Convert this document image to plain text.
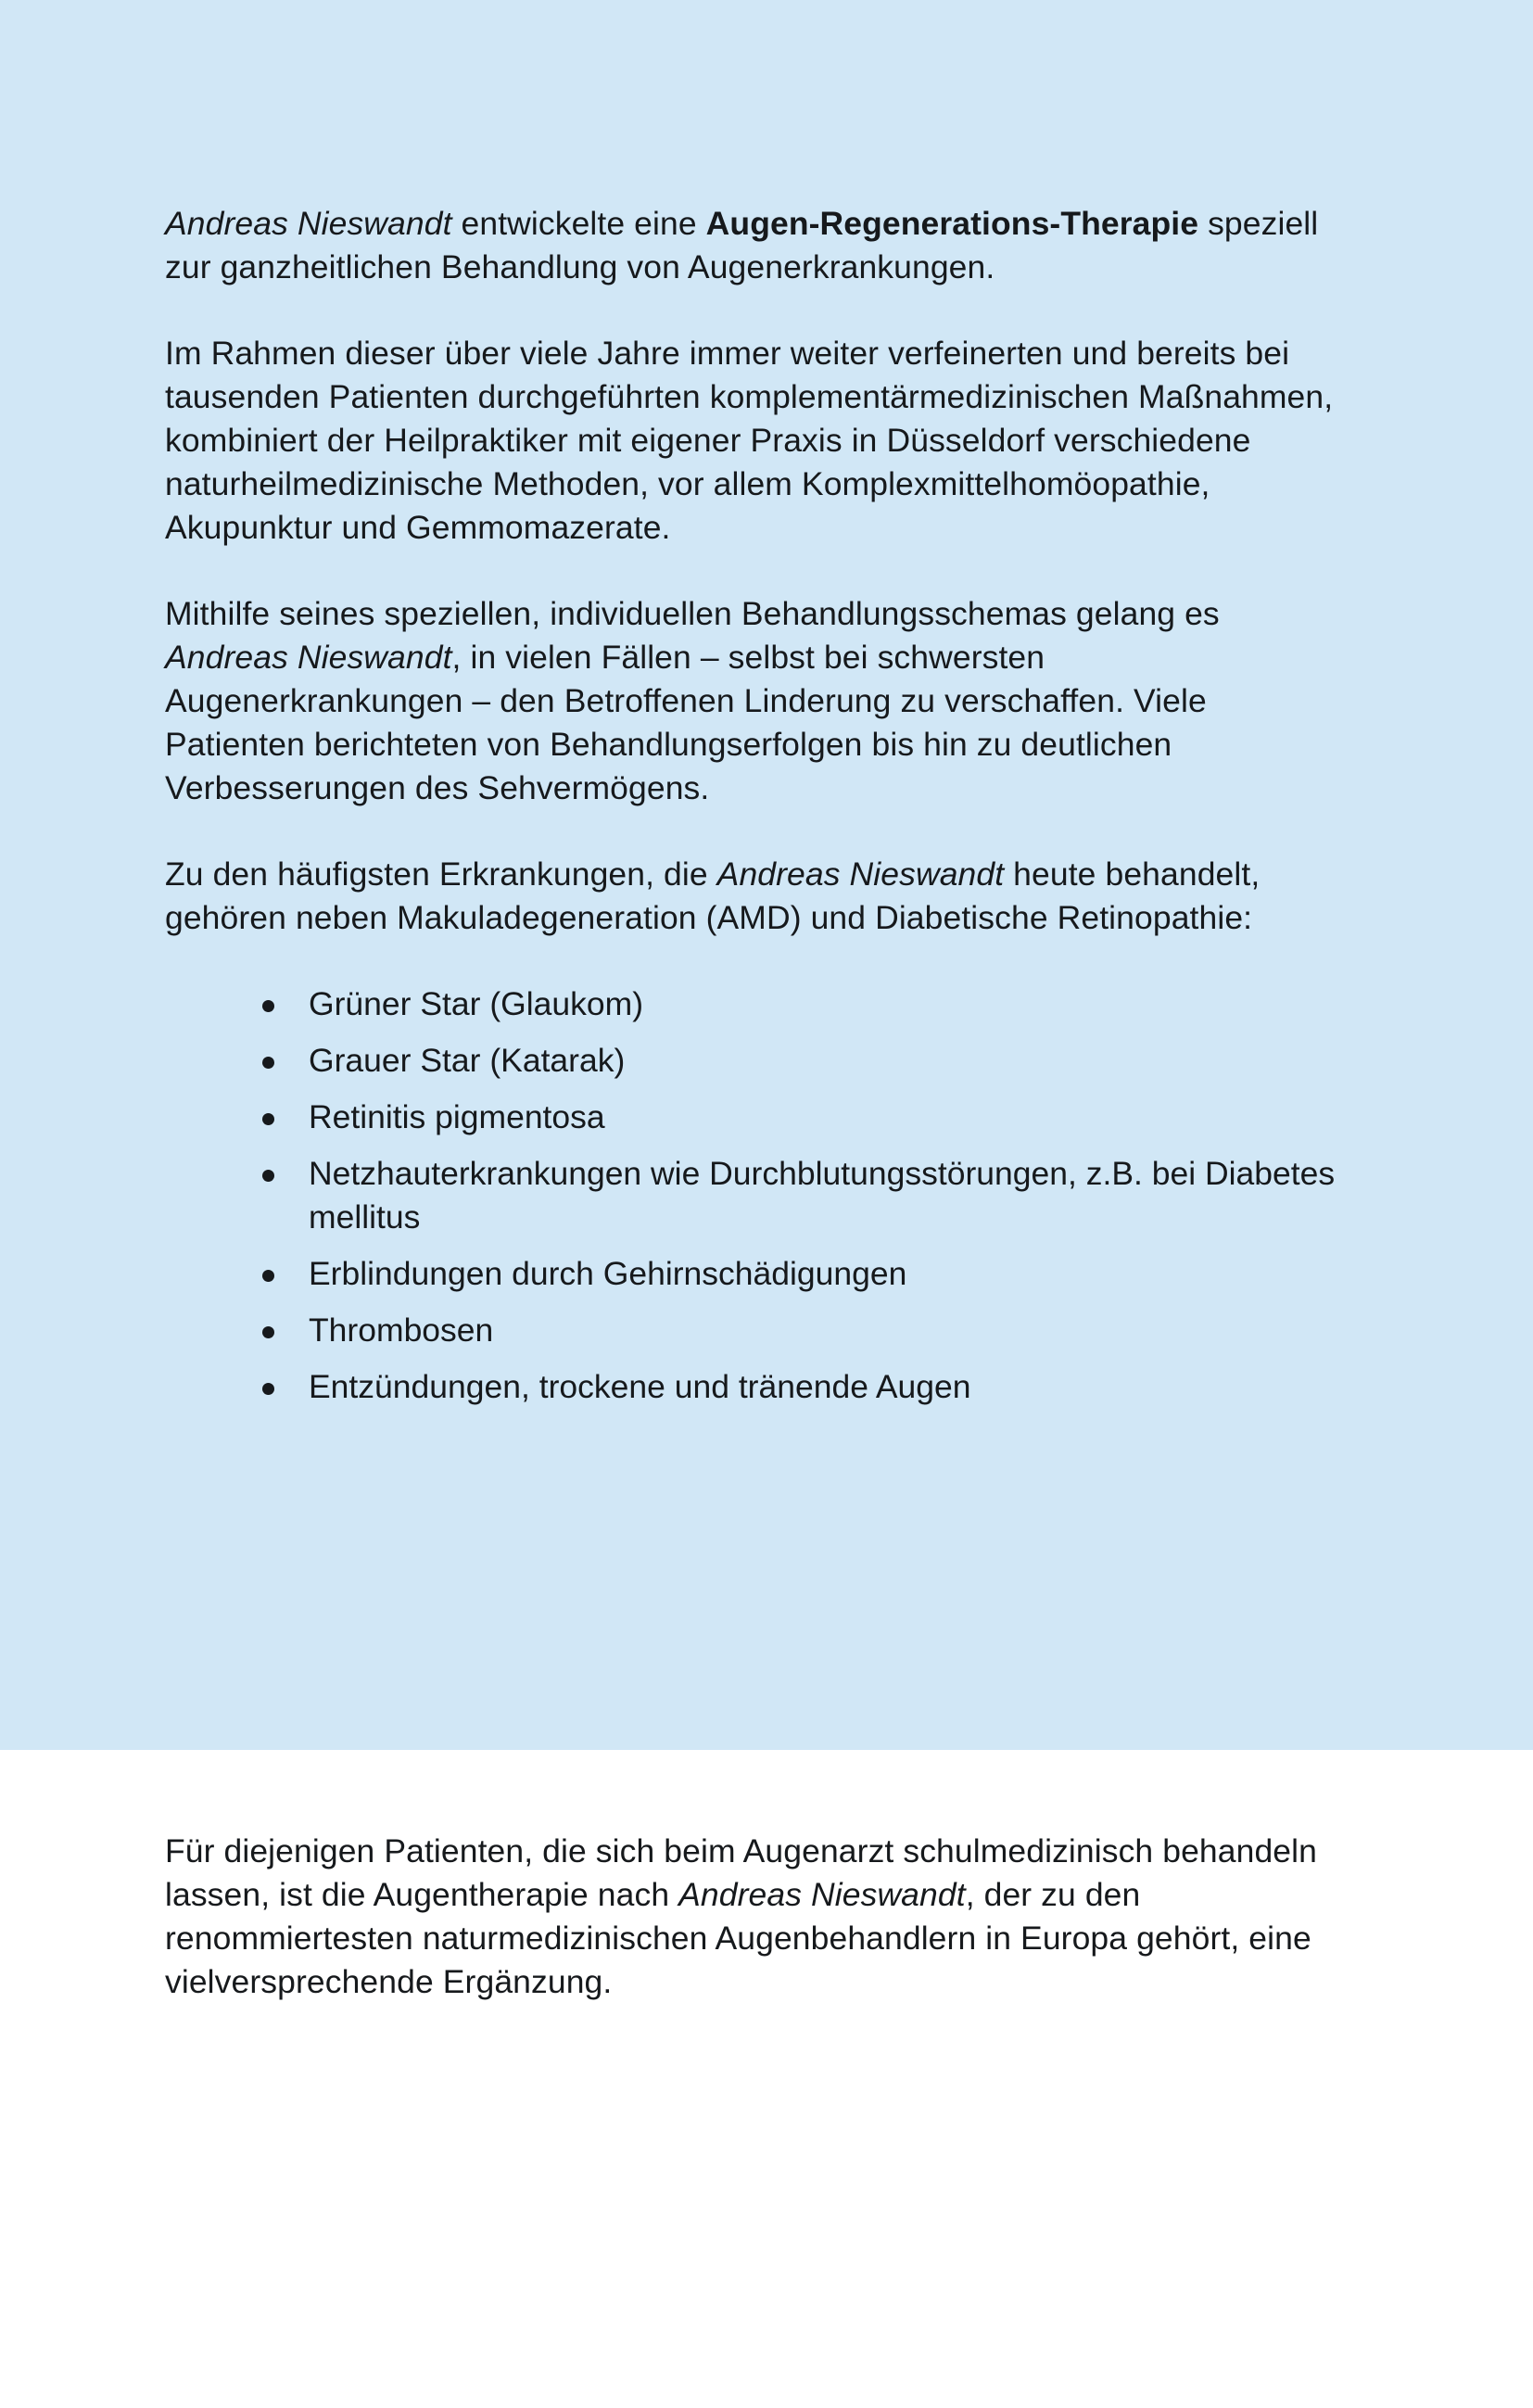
Andreas Nieswandt entwickelte eine Augen-Regenerations-Therapie speziell zur ganzheitlichen Behandlung von Augenerkrankungen.

Im Rahmen dieser über viele Jahre immer weiter verfeinerten und bereits bei tausenden Patienten durchgeführten komplementärmedizinischen Maßnahmen, kombiniert der Heilpraktiker mit eigener Praxis in Düsseldorf verschiedene naturheilmedizinische Methoden, vor allem Komplexmittelhomöopathie, Akupunktur und Gemmomazerate.

Mithilfe seines speziellen, individuellen Behandlungsschemas gelang es Andreas Nieswandt, in vielen Fällen – selbst bei schwersten Augenerkrankungen – den Betroffenen Linderung zu verschaffen. Viele Patienten berichteten von Behandlungserfolgen bis hin zu deutlichen Verbesserungen des Sehvermögens.

Zu den häufigsten Erkrankungen, die Andreas Nieswandt heute behandelt, gehören neben Makuladegeneration (AMD) und Diabetische Retinopathie:

Grüner Star (Glaukom)
Grauer Star (Katarak)
Retinitis pigmentosa
Netzhauterkrankungen wie Durchblutungsstörungen, z.B. bei Diabetes mellitus
Erblindungen durch Gehirnschädigungen
Thrombosen
Entzündungen, trockene und tränende Augen

Für diejenigen Patienten, die sich beim Augenarzt schulmedizinisch behandeln lassen, ist die Augentherapie nach Andreas Nieswandt, der zu den renommiertesten naturmedizinischen Augenbehandlern in Europa gehört, eine vielversprechende Ergänzung.
